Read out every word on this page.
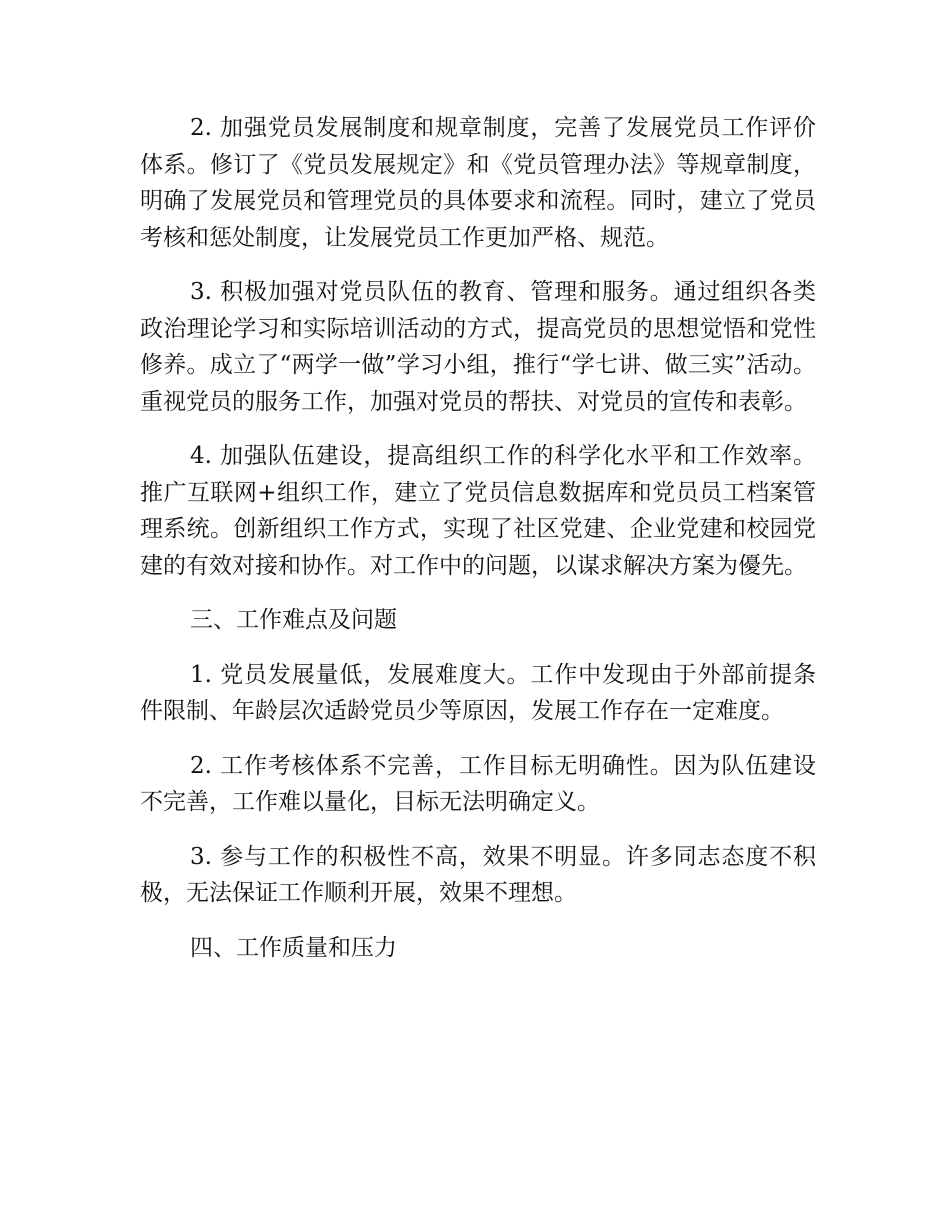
2. 加强党员发展制度和规章制度，完善了发展党员工作评价体系。修订了《党员发展规定》和《党员管理办法》等规章制度，明确了发展党员和管理党员的具体要求和流程。同时，建立了党员考核和惩处制度，让发展党员工作更加严格、规范。

3. 积极加强对党员队伍的教育、管理和服务。通过组织各类政治理论学习和实际培训活动的方式，提高党员的思想觉悟和党性修养。成立了“两学一做”学习小组，推行“学七讲、做三实”活动。重视党员的服务工作，加强对党员的帮扶、对党员的宣传和表彰。

4. 加强队伍建设，提高组织工作的科学化水平和工作效率。推广互联网+组织工作，建立了党员信息数据库和党员员工档案管理系统。创新组织工作方式，实现了社区党建、企业党建和校园党建的有效对接和协作。对工作中的问题，以谋求解决方案为優先。

三、工作难点及问题

1. 党员发展量低，发展难度大。工作中发现由于外部前提条件限制、年龄层次适龄党员少等原因，发展工作存在一定难度。

2. 工作考核体系不完善，工作目标无明确性。因为队伍建设不完善，工作难以量化，目标无法明确定义。

3. 参与工作的积极性不高，效果不明显。许多同志态度不积极，无法保证工作顺利开展，效果不理想。

四、工作质量和压力
